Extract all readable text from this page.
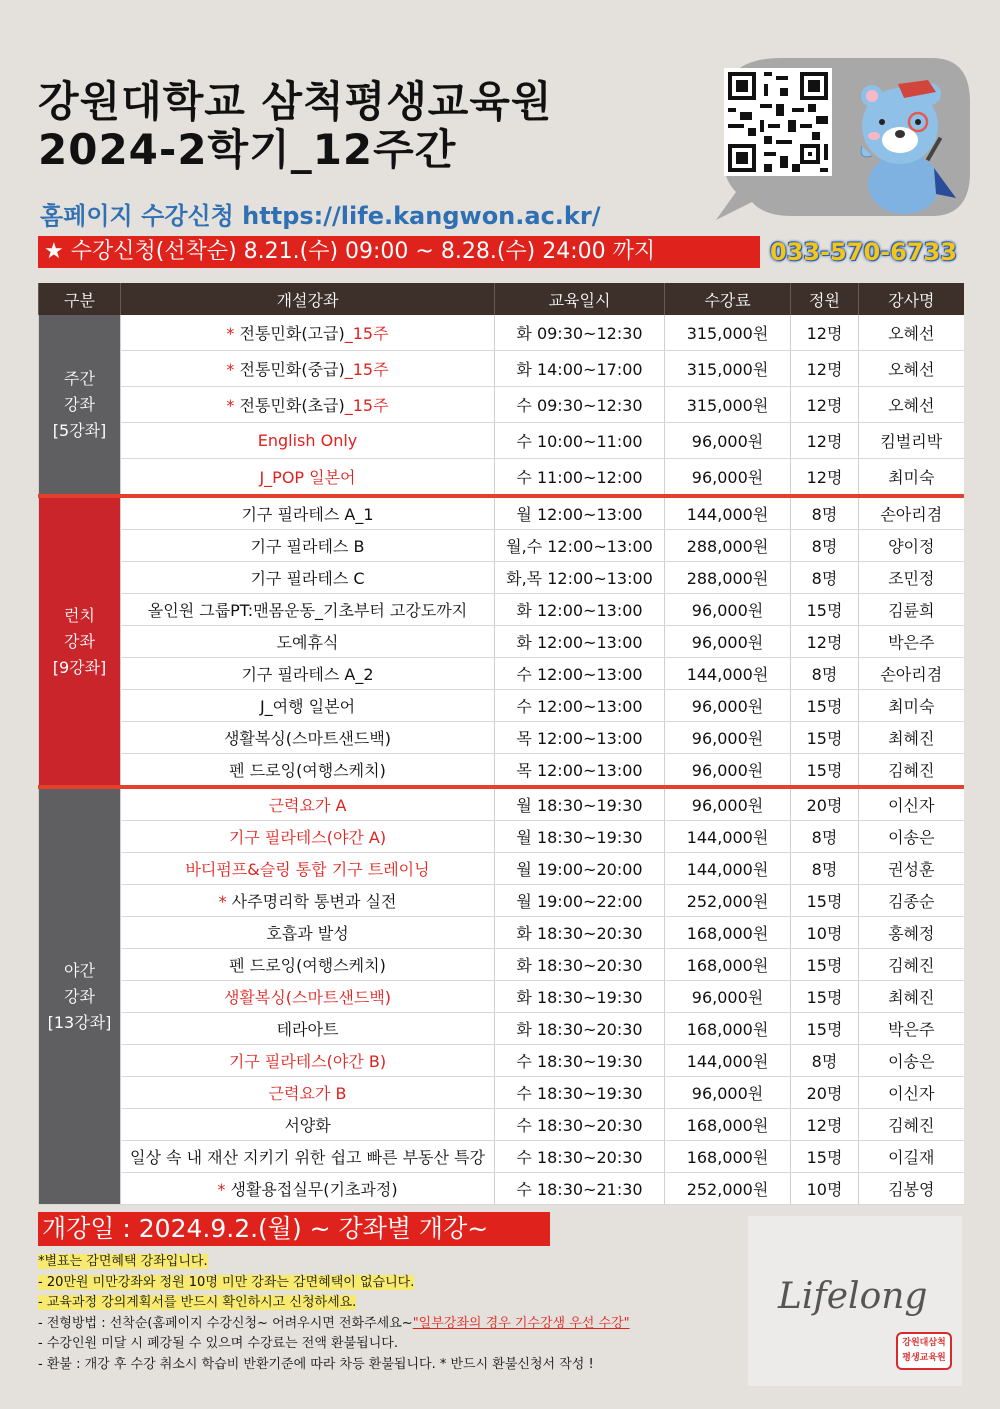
강원대학교 삼척평생교육원
2024-2학기_12주간
홈페이지 수강신청 https://life.kangwon.ac.kr/
★ 수강신청(선착순) 8.21.(수) 09:00 ~ 8.28.(수) 24:00 까지	033-570-6733
구분	개설강좌	교육일시	수강료	정원	강사명

주간
강좌
[5강좌]	* 전통민화(고급)_15주	화 09:30~12:30	315,000원	12명	오혜선
	* 전통민화(중급)_15주	화 14:00~17:00	315,000원	12명	오혜선
	* 전통민화(초급)_15주	수 09:30~12:30	315,000원	12명	오혜선
	English Only	수 10:00~11:00	96,000원	12명	킴벌리박
	J_POP 일본어	수 11:00~12:00	96,000원	12명	최미숙

런치
강좌
[9강좌]	기구 필라테스 A_1	월 12:00~13:00	144,000원	8명	손아리겸
	기구 필라테스 B	월,수 12:00~13:00	288,000원	8명	양이정
	기구 필라테스 C	화,목 12:00~13:00	288,000원	8명	조민정
	올인원 그룹PT:맨몸운동_기초부터 고강도까지	화 12:00~13:00	96,000원	15명	김륜희
	도예휴식	화 12:00~13:00	96,000원	12명	박은주
	기구 필라테스 A_2	수 12:00~13:00	144,000원	8명	손아리겸
	J_여행 일본어	수 12:00~13:00	96,000원	15명	최미숙
	생활복싱(스마트샌드백)	목 12:00~13:00	96,000원	15명	최혜진
	펜 드로잉(여행스케치)	목 12:00~13:00	96,000원	15명	김혜진

야간
강좌
[13강좌]	근력요가 A	월 18:30~19:30	96,000원	20명	이신자
	기구 필라테스(야간 A)	월 18:30~19:30	144,000원	8명	이송은
	바디펌프&슬링 통합 기구 트레이닝	월 19:00~20:00	144,000원	8명	권성훈
	* 사주명리학 통변과 실전	월 19:00~22:00	252,000원	15명	김종순
	호흡과 발성	화 18:30~20:30	168,000원	10명	홍혜정
	펜 드로잉(여행스케치)	화 18:30~20:30	168,000원	15명	김혜진
	생활복싱(스마트샌드백)	화 18:30~19:30	96,000원	15명	최혜진
	테라아트	화 18:30~20:30	168,000원	15명	박은주
	기구 필라테스(야간 B)	수 18:30~19:30	144,000원	8명	이송은
	근력요가 B	수 18:30~19:30	96,000원	20명	이신자
	서양화	수 18:30~20:30	168,000원	12명	김혜진
	일상 속 내 재산 지키기 위한 쉽고 빠른 부동산 특강	수 18:30~20:30	168,000원	15명	이길재
	* 생활용접실무(기초과정)	수 18:30~21:30	252,000원	10명	김봉영
개강일 : 2024.9.2.(월) ~ 강좌별 개강~
*별표는 감면혜택 강좌입니다.
- 20만원 미만강좌와 정원 10명 미만 강좌는 감면혜택이 없습니다.
- 교육과정 강의계획서를 반드시 확인하시고 신청하세요.
- 전형방법 : 선착순(홈페이지 수강신청~ 어려우시면 전화주세요~"일부강좌의 경우 기수강생 우선 수강"
- 수강인원 미달 시 폐강될 수 있으며 수강료는 전액 환불됩니다.
- 환불 : 개강 후 수강 취소시 학습비 반환기준에 따라 차등 환불됩니다. * 반드시 환불신청서 작성 !
Lifelong
강원대삼척
평생교육원
